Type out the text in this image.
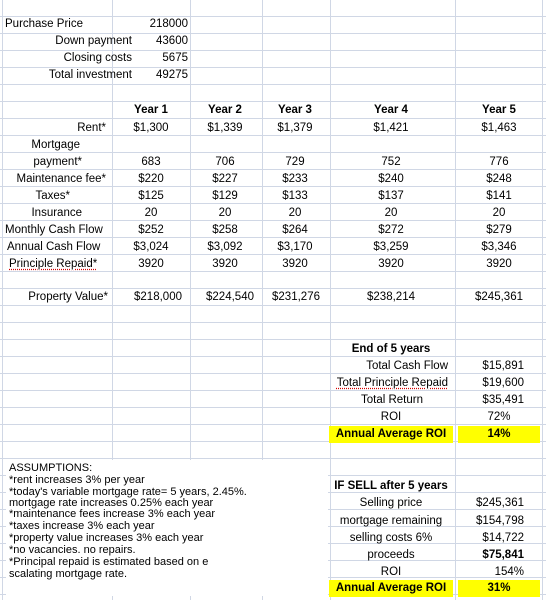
Purchase Price	218000
Down payment	43600
Closing costs	5675
Total investment	49275
Year 1	Year 2	Year 3	Year 4	Year 5
Rent*	$1,300	$1,339	$1,379	$1,421	$1,463
Mortgage
payment*	683	706	729	752	776
Maintenance fee*	$220	$227	$233	$240	$248
Taxes*	$125	$129	$133	$137	$141
Insurance	20	20	20	20	20
Monthly Cash Flow	$252	$258	$264	$272	$279
Annual Cash Flow	$3,024	$3,092	$3,170	$3,259	$3,346
Principle Repaid*	3920	3920	3920	3920	3920
Property Value*	$218,000	$224,540	$231,276	$238,214	$245,361
End of 5 years
Total Cash Flow	$15,891
Total Principle Repaid	$19,600
Total Return	$35,491
ROI	72%
Annual Average ROI	14%
ASSUMPTIONS:
*rent increases 3% per year
*today's variable mortgage rate= 5 years, 2.45%.
mortgage rate increases 0.25% each year
*maintenance fees increase 3% each year
*taxes increase 3% each year
*property value increases 3% each year
*no vacancies. no repairs.
*Principal repaid is estimated based on e
scalating mortgage rate.
IF SELL after 5 years
Selling price	$245,361
mortgage remaining	$154,798
selling costs 6%	$14,722
proceeds	$75,841
ROI	154%
Annual Average ROI	31%
